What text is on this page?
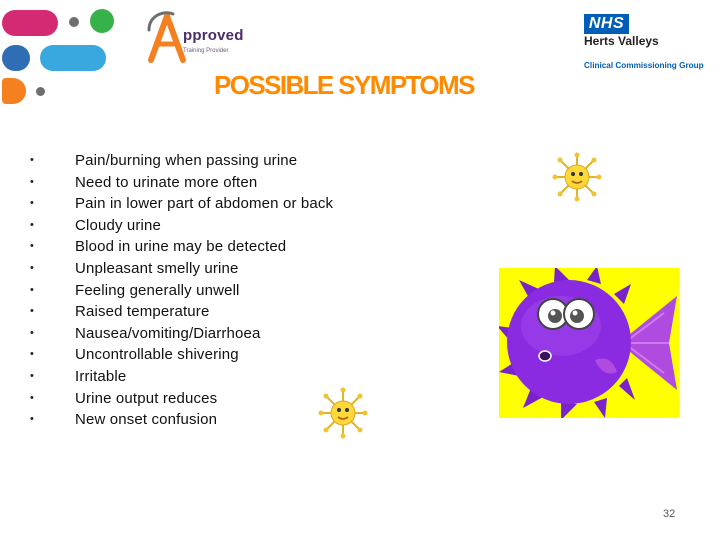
pproved
Training Provider
NHS
Herts Valleys
Clinical Commissioning Group
POSSIBLE SYMPTOMS
•	Pain/burning when passing urine
•	Need to urinate more often
•	Pain in lower part of abdomen or back
•	Cloudy urine
•	Blood in urine may be detected
•	Unpleasant smelly urine
•	Feeling generally unwell
•	Raised temperature
•	Nausea/vomiting/Diarrhoea
•	Uncontrollable shivering
•	Irritable
•	Urine output reduces
•	New onset confusion
32
